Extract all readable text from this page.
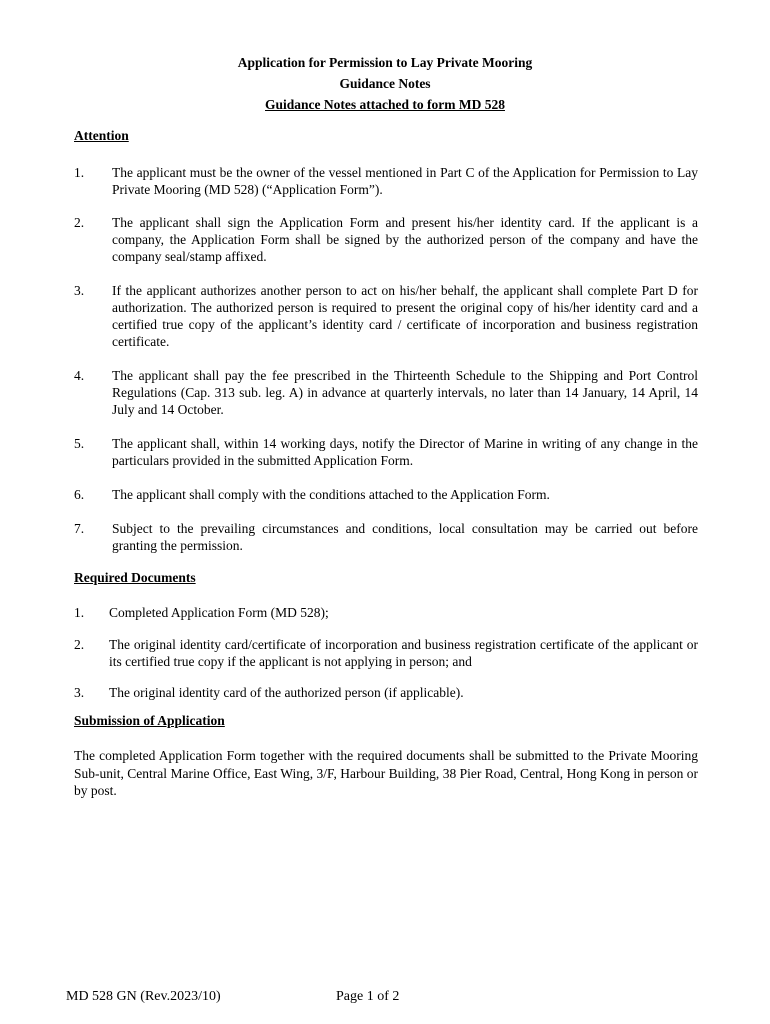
Application for Permission to Lay Private Mooring
Guidance Notes
Guidance Notes attached to form MD 528
Attention
1. The applicant must be the owner of the vessel mentioned in Part C of the Application for Permission to Lay Private Mooring (MD 528) (“Application Form”).
2. The applicant shall sign the Application Form and present his/her identity card. If the applicant is a company, the Application Form shall be signed by the authorized person of the company and have the company seal/stamp affixed.
3. If the applicant authorizes another person to act on his/her behalf, the applicant shall complete Part D for authorization. The authorized person is required to present the original copy of his/her identity card and a certified true copy of the applicant’s identity card / certificate of incorporation and business registration certificate.
4. The applicant shall pay the fee prescribed in the Thirteenth Schedule to the Shipping and Port Control Regulations (Cap. 313 sub. leg. A) in advance at quarterly intervals, no later than 14 January, 14 April, 14 July and 14 October.
5. The applicant shall, within 14 working days, notify the Director of Marine in writing of any change in the particulars provided in the submitted Application Form.
6. The applicant shall comply with the conditions attached to the Application Form.
7. Subject to the prevailing circumstances and conditions, local consultation may be carried out before granting the permission.
Required Documents
1. Completed Application Form (MD 528);
2. The original identity card/certificate of incorporation and business registration certificate of the applicant or its certified true copy if the applicant is not applying in person; and
3. The original identity card of the authorized person (if applicable).
Submission of Application
The completed Application Form together with the required documents shall be submitted to the Private Mooring Sub-unit, Central Marine Office, East Wing, 3/F, Harbour Building, 38 Pier Road, Central, Hong Kong in person or by post.
MD 528 GN (Rev.2023/10)	Page 1 of 2
